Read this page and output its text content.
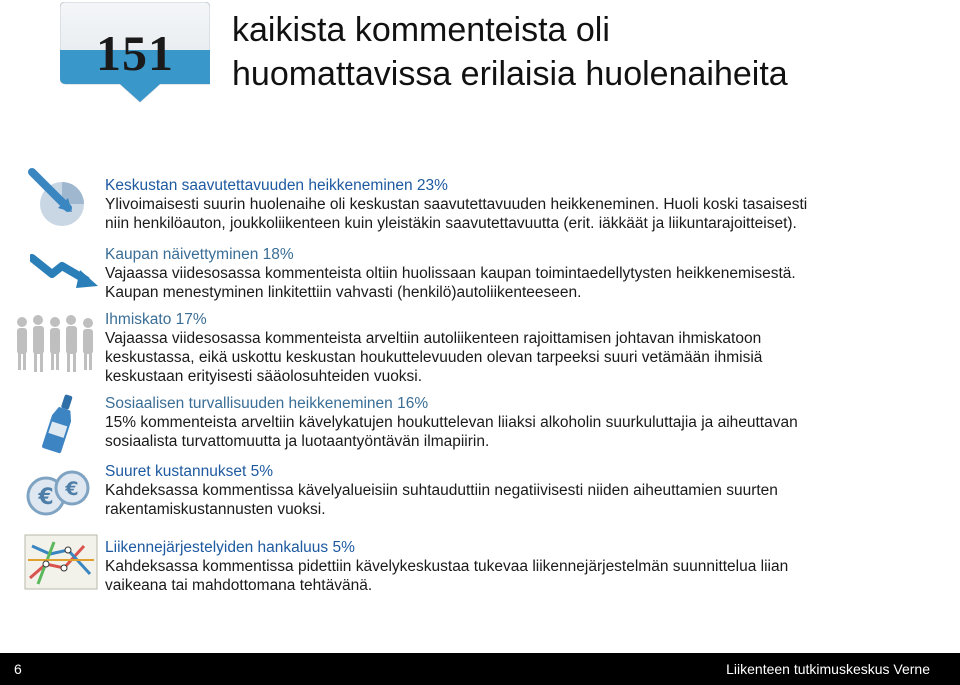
151	kaikista kommenteista oli
huomattavissa erilaisia huolenaiheita
€ €
Keskustan saavutettavuuden heikkeneminen 23%
Ylivoimaisesti suurin huolenaihe oli keskustan saavutettavuuden heikkeneminen. Huoli koski tasaisesti
niin henkilöauton, joukkoliikenteen kuin yleistäkin saavutettavuutta (erit. iäkkäät ja liikuntarajoitteiset).
Kaupan näivettyminen 18%
Vajaassa viidesosassa kommenteista oltiin huolissaan kaupan toimintaedellytysten heikkenemisestä.
Kaupan menestyminen linkitettiin vahvasti (henkilö)autoliikenteeseen.
Ihmiskato 17%
Vajaassa viidesosassa kommenteista arveltiin autoliikenteen rajoittamisen johtavan ihmiskatoon
keskustassa, eikä uskottu keskustan houkuttelevuuden olevan tarpeeksi suuri vetämään ihmisiä
keskustaan erityisesti sääolosuhteiden vuoksi.
Sosiaalisen turvallisuuden heikkeneminen 16%
15% kommenteista arveltiin kävelykatujen houkuttelevan liiaksi alkoholin suurkuluttajia ja aiheuttavan
sosiaalista turvattomuutta ja luotaantyöntävän ilmapiirin.
Suuret kustannukset 5%
Kahdeksassa kommentissa kävelyalueisiin suhtauduttiin negatiivisesti niiden aiheuttamien suurten
rakentamiskustannusten vuoksi.
Liikennejärjestelyiden hankaluus 5%
Kahdeksassa kommentissa pidettiin kävelykeskustaa tukevaa liikennejärjestelmän suunnittelua liian
vaikeana tai mahdottomana tehtävänä.
6	Liikenteen tutkimuskeskus Verne
